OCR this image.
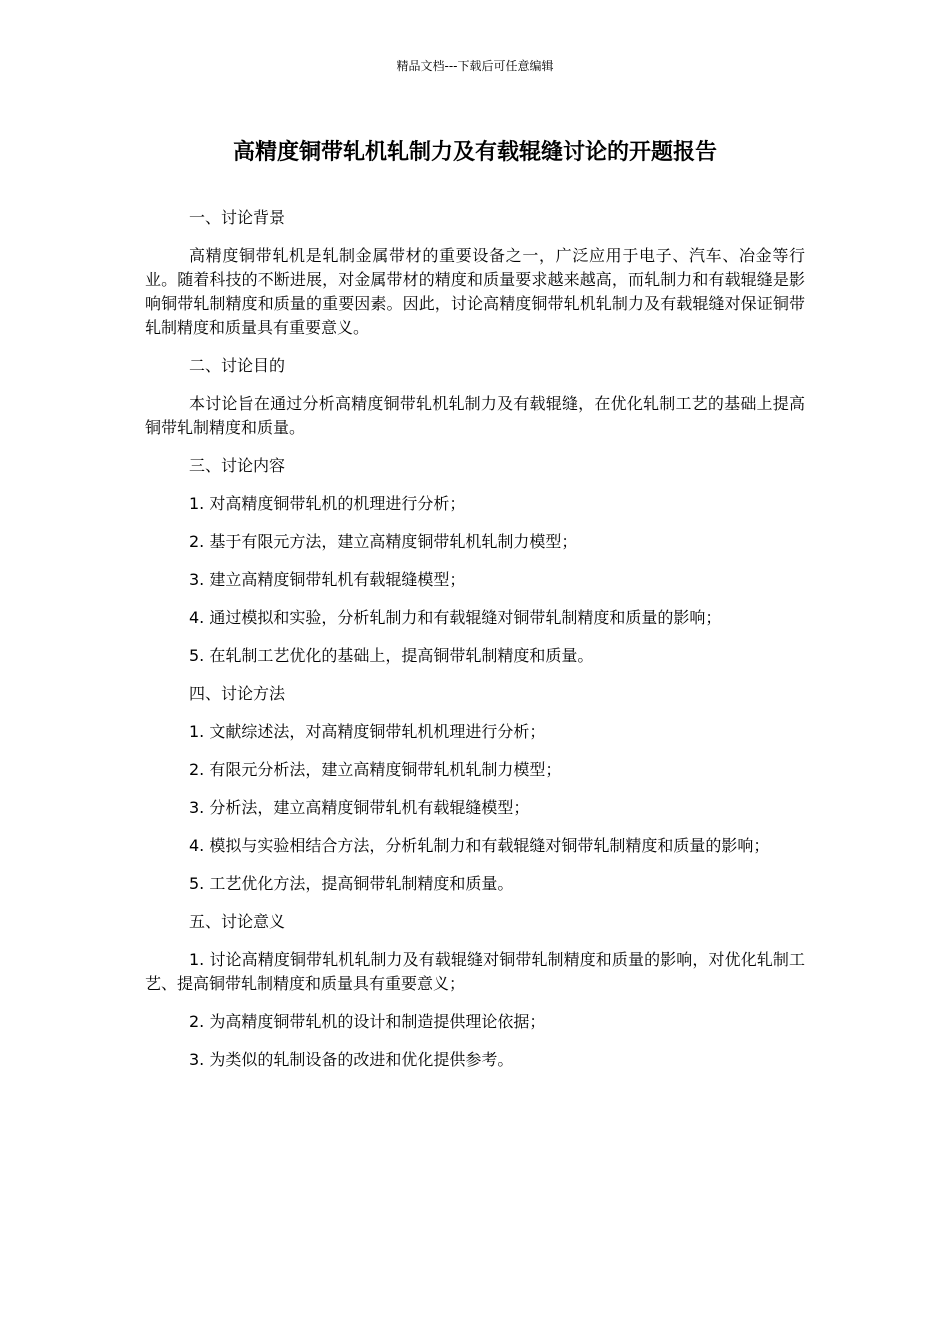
精品文档---下载后可任意编辑
高精度铜带轧机轧制力及有载辊缝讨论的开题报告

一、讨论背景

高精度铜带轧机是轧制金属带材的重要设备之一，广泛应用于电子、汽车、冶金等行业。随着科技的不断进展，对金属带材的精度和质量要求越来越高，而轧制力和有载辊缝是影响铜带轧制精度和质量的重要因素。因此，讨论高精度铜带轧机轧制力及有载辊缝对保证铜带轧制精度和质量具有重要意义。

二、讨论目的

本讨论旨在通过分析高精度铜带轧机轧制力及有载辊缝，在优化轧制工艺的基础上提高铜带轧制精度和质量。

三、讨论内容

1. 对高精度铜带轧机的机理进行分析；

2. 基于有限元方法，建立高精度铜带轧机轧制力模型；

3. 建立高精度铜带轧机有载辊缝模型；

4. 通过模拟和实验，分析轧制力和有载辊缝对铜带轧制精度和质量的影响；

5. 在轧制工艺优化的基础上，提高铜带轧制精度和质量。

四、讨论方法

1. 文献综述法，对高精度铜带轧机机理进行分析；

2. 有限元分析法，建立高精度铜带轧机轧制力模型；

3. 分析法，建立高精度铜带轧机有载辊缝模型；

4. 模拟与实验相结合方法，分析轧制力和有载辊缝对铜带轧制精度和质量的影响；

5. 工艺优化方法，提高铜带轧制精度和质量。

五、讨论意义

1. 讨论高精度铜带轧机轧制力及有载辊缝对铜带轧制精度和质量的影响，对优化轧制工艺、提高铜带轧制精度和质量具有重要意义；

2. 为高精度铜带轧机的设计和制造提供理论依据；

3. 为类似的轧制设备的改进和优化提供参考。
